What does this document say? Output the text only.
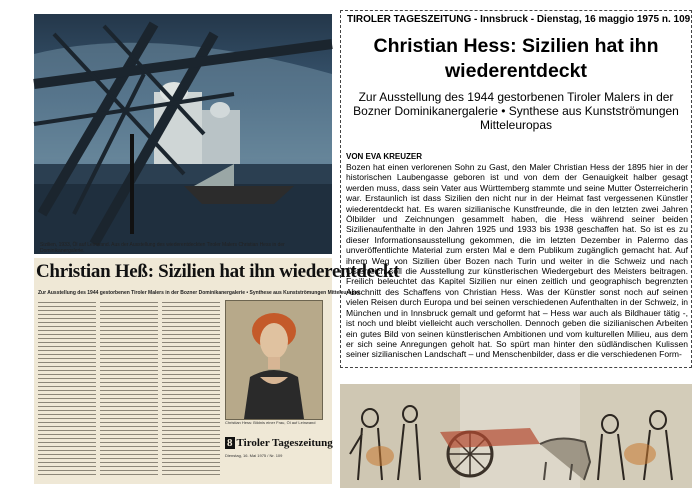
Sizilien, 1933, Öl auf Leinwand. Aus der Ausstellung des wiederentdeckten Tiroler Malers Christian Hess in der Dominikanergalerie.
Christian Heß: Sizilien hat ihn wiederentdeckt
Zur Ausstellung des 1944 gestorbenen Tiroler Malers in der Bozner Dominikanergalerie • Synthese aus Kunstströmungen Mitteleuropas
Christian Hess: Bildnis einer Frau, Öl auf Leinwand
8 Tiroler Tageszeitung
Dienstag, 16. Mai 1975 / Nr. 109
TIROLER TAGESZEITUNG - Innsbruck - Dienstag, 16 maggio 1975 n. 109
Christian Hess: Sizilien hat ihn wiederentdeckt
Zur Ausstellung des 1944 gestorbenen Tiroler Malers in der Bozner Dominikanergalerie • Synthese aus Kunstströmungen Mitteleuropas
VON EVA KREUZER
Bozen hat einen verlorenen Sohn zu Gast, den Maler Christian Hess der 1895 hier in der historischen Laubengasse geboren ist und von dem der Genauigkeit halber gesagt werden muss, dass sein Vater aus Württemberg stammte und seine Mutter Österreicherin war. Erstaunlich ist dass Sizilien den nicht nur in der Heimat fast vergessenen Künstler wiederentdeckt hat. Es waren sizilianische Kunstfreunde, die in den letzten zwei Jahren Ölbilder und Zeichnungen gesammelt haben, die Hess während seiner beiden Sizilienaufenthalte in den Jahren 1925 und 1933 bis 1938 geschaffen hat. So ist es zu dieser Informationsausstellung gekommen, die im letzten Dezember in Palermo das unveröffentlichte Material zum ersten Mal e dem Publikum zugänglich gemacht hat. Auf ihrem Weg von Sizilien über Bozen nach Turin und weiter in die Schweiz und nach Österreich soll die Ausstellung zur künstlerischen Wiedergeburt des Meisters beitragen. Freilich beleuchtet das Kapitel Sizilien nur einen zeitlich und geographisch begrenzten Abschnitt des Schaffens von Christian Hess. Was der Künstler sonst noch auf seinen vielen Reisen durch Europa und bei seinen verschiedenen Aufenthalten in der Schweiz, in München und in Innsbruck gemalt und geformt hat – Hess war auch als Bildhauer tätig -, ist noch und bleibt vielleicht auch verschollen. Dennoch geben die sizilianischen Arbeiten ein gutes Bild von seinen künstlerischen Ambitionen und vom kulturellen Milieu, aus dem er sich seine Anregungen geholt hat. So spürt man hinter den südländischen Kulissen seiner sizilianischen Landschaft – und Menschenbilder, dass er die verschiedenen Form-
